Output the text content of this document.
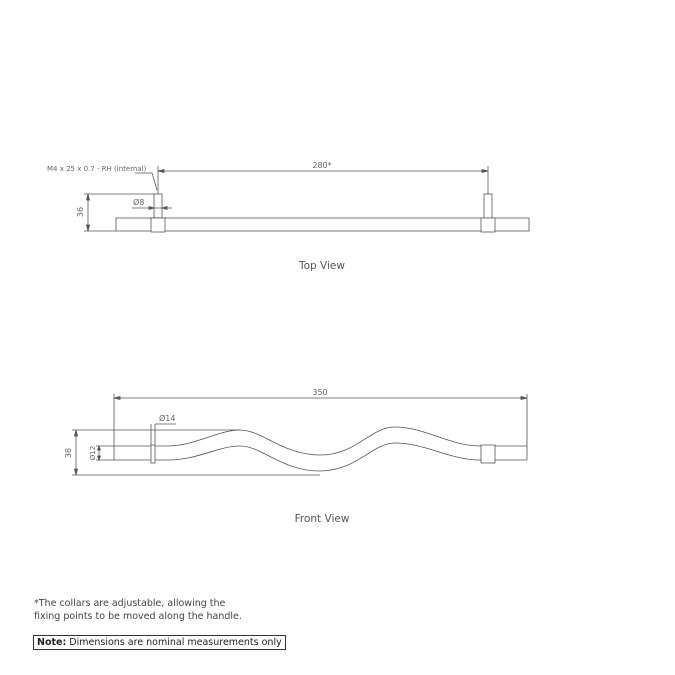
M4 x 25 x 0.7 - RH (internal)	280*
36
Ø8
Top View
350
38 Ø12
Ø14
Front View
*The collars are adjustable, allowing the
fixing points to be moved along the handle.
Note: Dimensions are nominal measurements only
